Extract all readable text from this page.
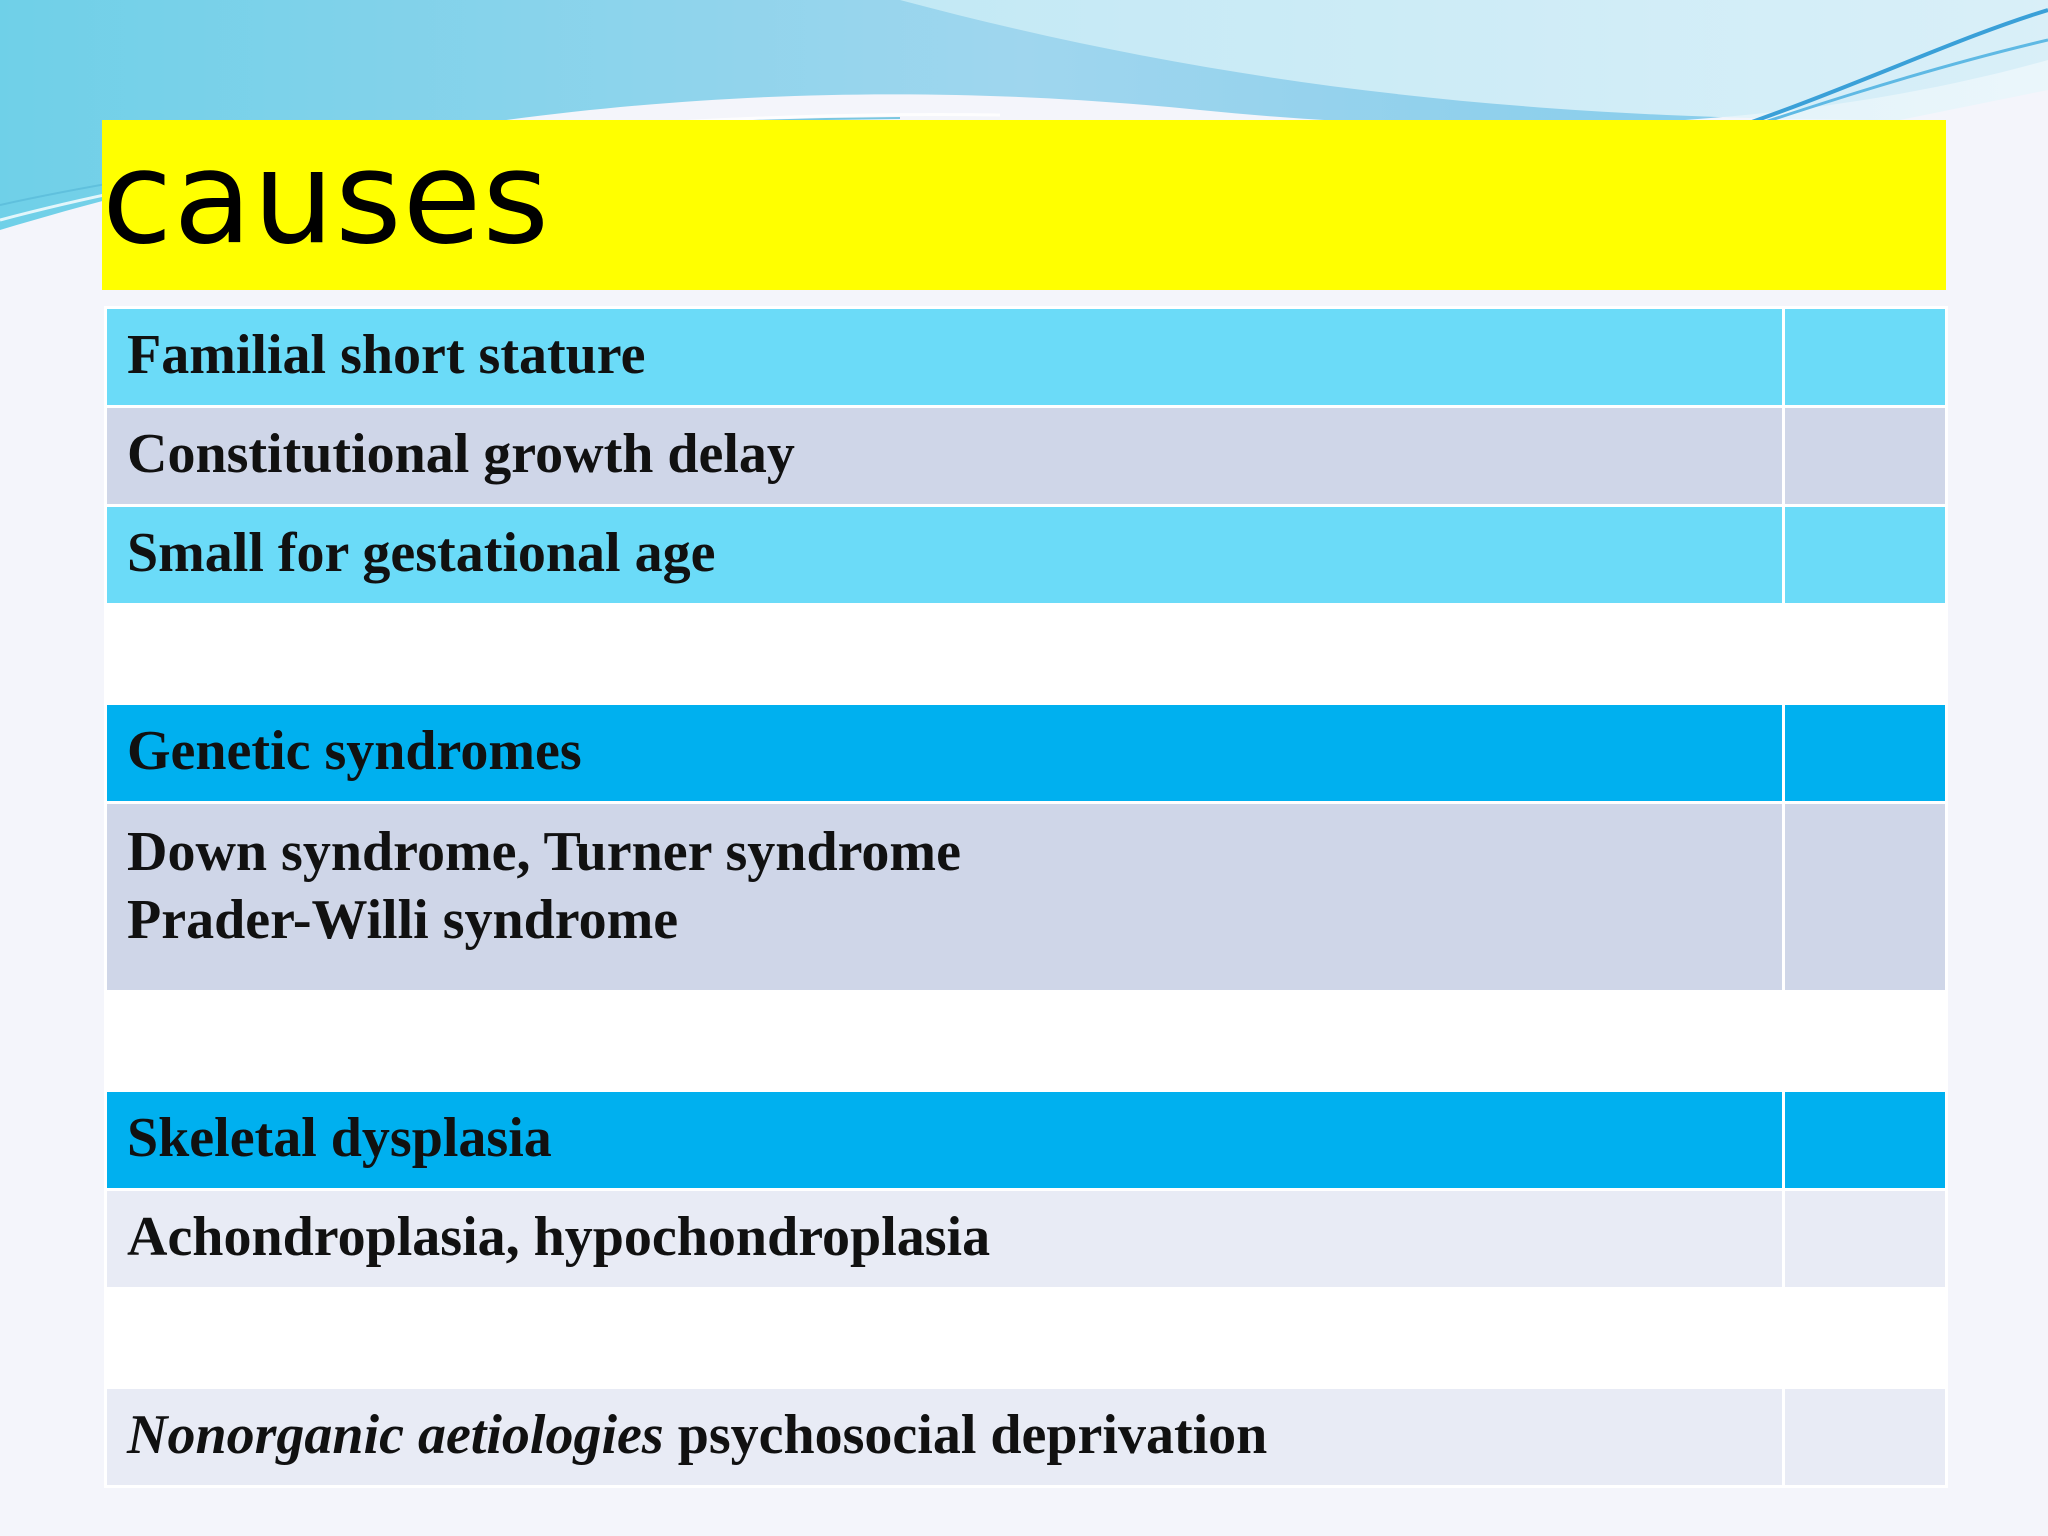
causes
Familial short stature	

Constitutional growth delay	

Small for gestational age	

Genetic syndromes	

Down syndrome, Turner syndrome
Prader-Willi syndrome	

Skeletal dysplasia	

Achondroplasia, hypochondroplasia	

Nonorganic aetiologies psychosocial deprivation	
